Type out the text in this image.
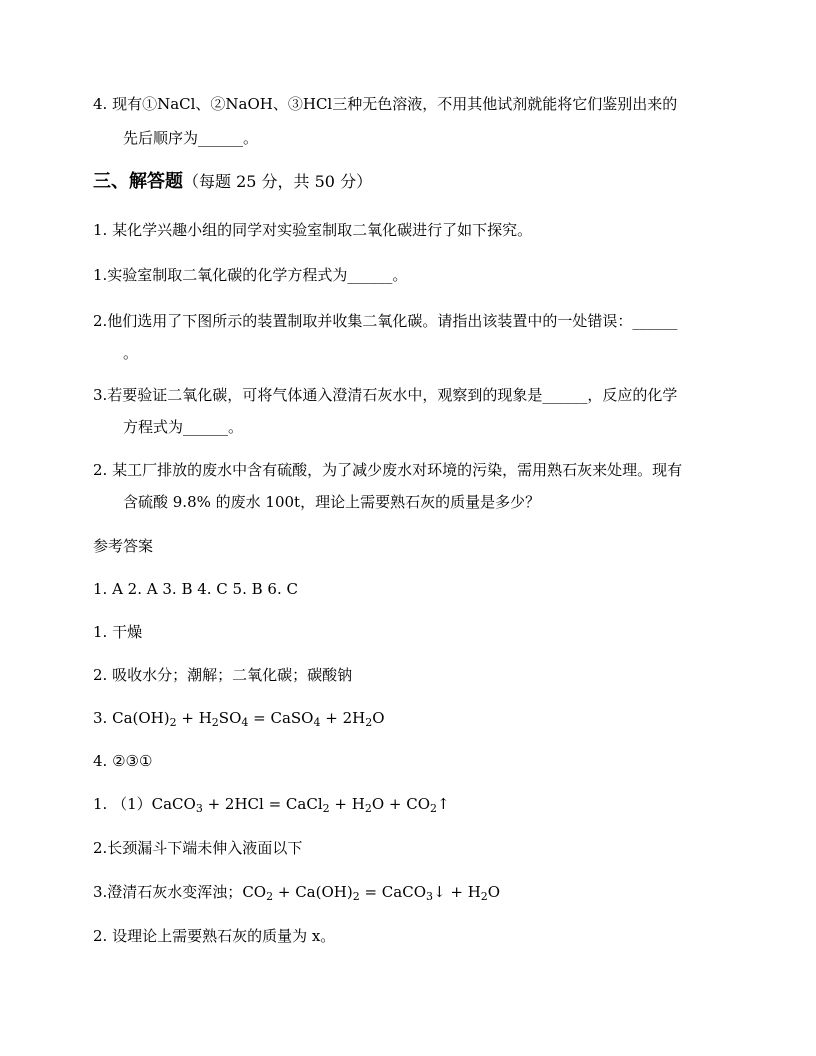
4. 现有①NaCl、②NaOH、③HCl三种无色溶液，不用其他试剂就能将它们鉴别出来的
先后顺序为______。
三、解答题（每题 25 分，共 50 分）
1. 某化学兴趣小组的同学对实验室制取二氧化碳进行了如下探究。
1.实验室制取二氧化碳的化学方程式为______。
2.他们选用了下图所示的装置制取并收集二氧化碳。请指出该装置中的一处错误：______
。
3.若要验证二氧化碳，可将气体通入澄清石灰水中，观察到的现象是______，反应的化学
方程式为______。
2. 某工厂排放的废水中含有硫酸，为了减少废水对环境的污染，需用熟石灰来处理。现有
含硫酸 9.8% 的废水 100t，理论上需要熟石灰的质量是多少？
参考答案
1. A 2. A 3. B 4. C 5. B 6. C
1. 干燥
2. 吸收水分；潮解；二氧化碳；碳酸钠
3. $Ca(OH)_2 + H_2SO_4$ = CaSO$_4$ + $2H_2O$
4. ②③①
1. （1）CaCO$_3$ + 2HCl = CaCl$_2$ + $H_2O$ + $CO_2↑$
2.长颈漏斗下端未伸入液面以下
3.澄清石灰水变浑浊；$CO_2 + Ca(OH)_2$ = CaCO$_3$↓ + $H_2O$
2. 设理论上需要熟石灰的质量为 x。
